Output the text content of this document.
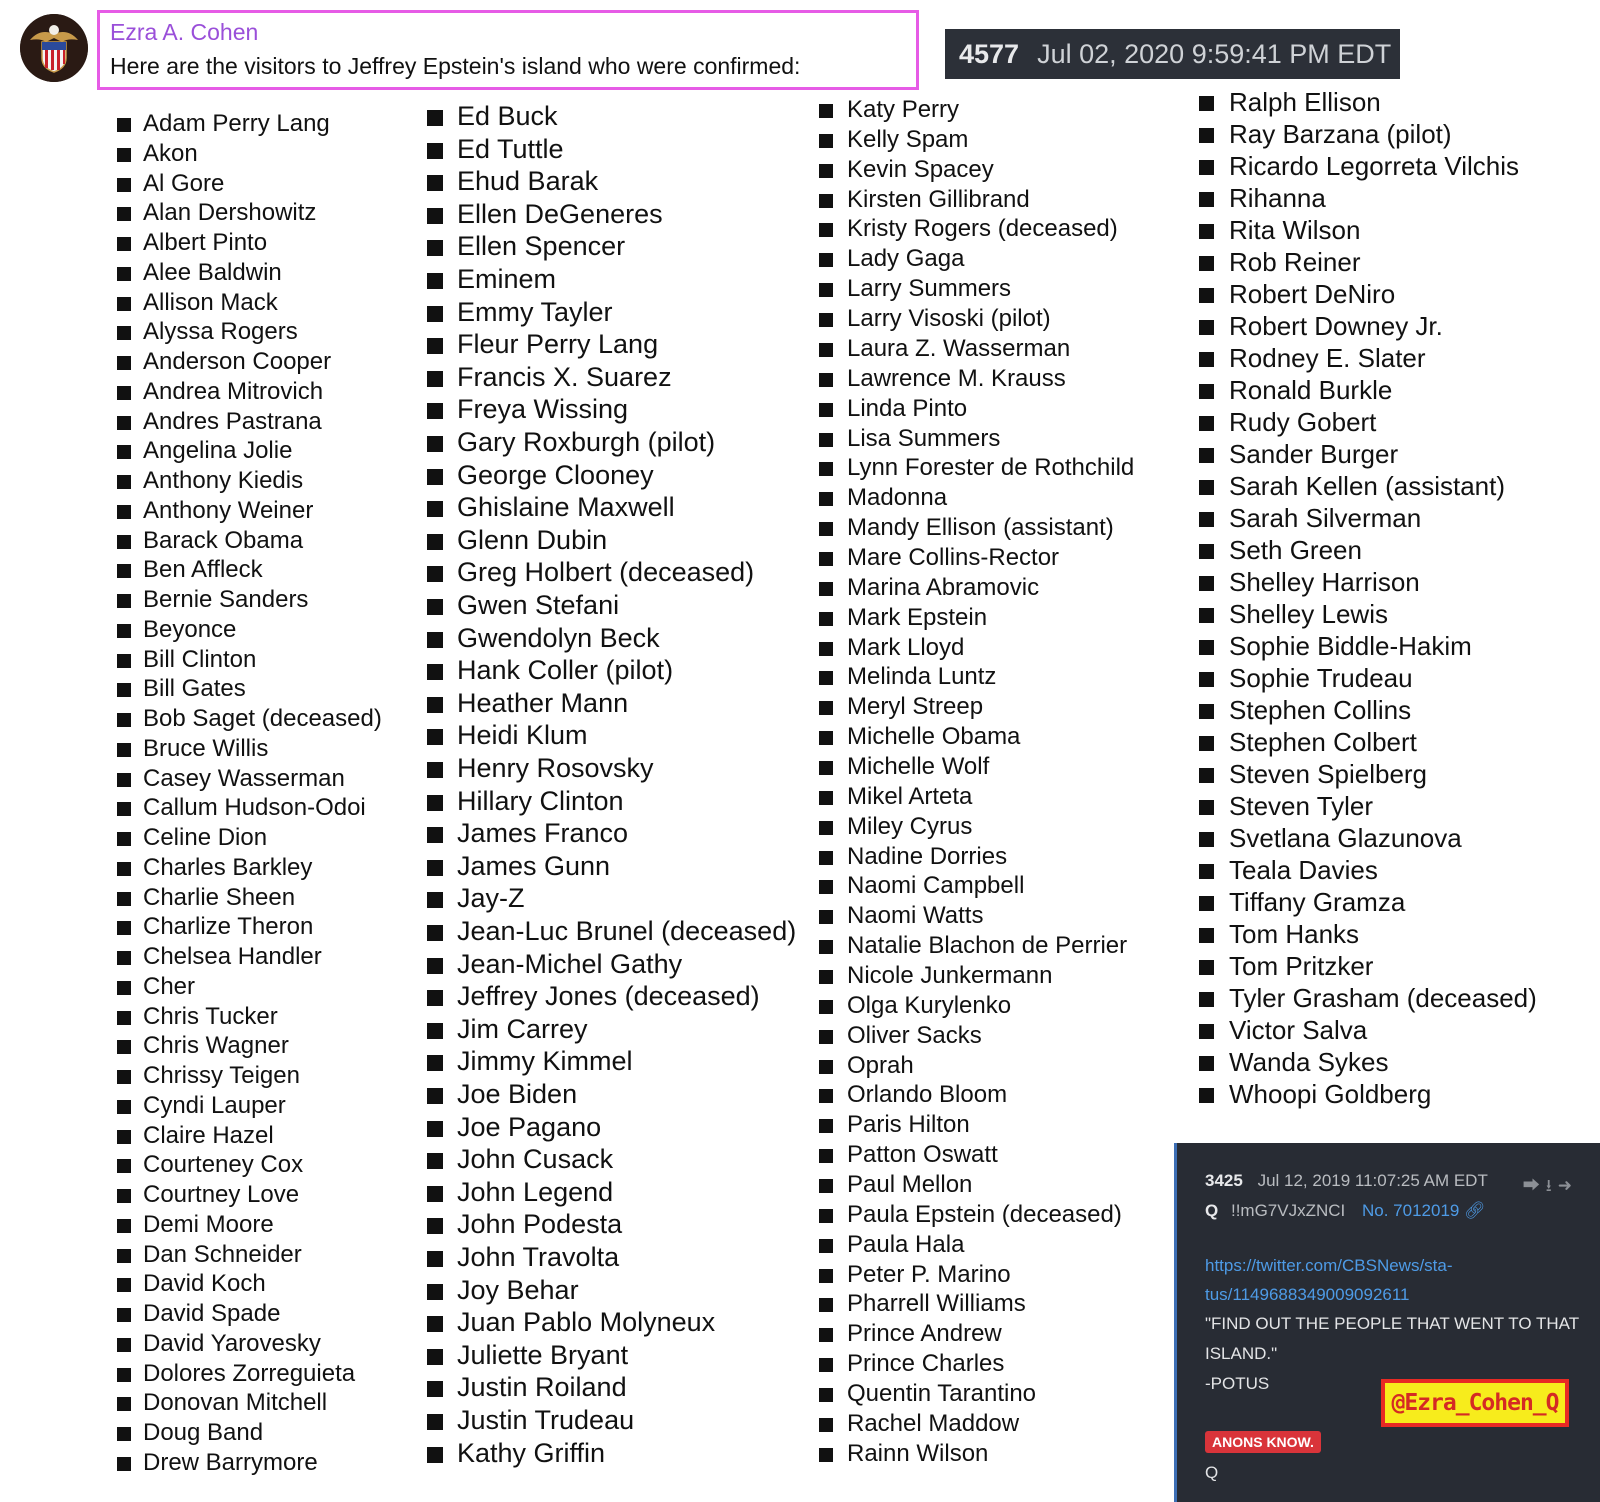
Ezra A. Cohen
Here are the visitors to Jeffrey Epstein's island who were confirmed:	4577 Jul 02, 2020 9:59:41 PM EDT
Adam Perry Lang
Akon
Al Gore
Alan Dershowitz
Albert Pinto
Alee Baldwin
Allison Mack
Alyssa Rogers
Anderson Cooper
Andrea Mitrovich
Andres Pastrana
Angelina Jolie
Anthony Kiedis
Anthony Weiner
Barack Obama
Ben Affleck
Bernie Sanders
Beyonce
Bill Clinton
Bill Gates
Bob Saget (deceased)
Bruce Willis
Casey Wasserman
Callum Hudson-Odoi
Celine Dion
Charles Barkley
Charlie Sheen
Charlize Theron
Chelsea Handler
Cher
Chris Tucker
Chris Wagner
Chrissy Teigen
Cyndi Lauper
Claire Hazel
Courteney Cox
Courtney Love
Demi Moore
Dan Schneider
David Koch
David Spade
David Yarovesky
Dolores Zorreguieta
Donovan Mitchell
Doug Band
Drew Barrymore
Ed Buck
Ed Tuttle
Ehud Barak
Ellen DeGeneres
Ellen Spencer
Eminem
Emmy Tayler
Fleur Perry Lang
Francis X. Suarez
Freya Wissing
Gary Roxburgh (pilot)
George Clooney
Ghislaine Maxwell
Glenn Dubin
Greg Holbert (deceased)
Gwen Stefani
Gwendolyn Beck
Hank Coller (pilot)
Heather Mann
Heidi Klum
Henry Rosovsky
Hillary Clinton
James Franco
James Gunn
Jay-Z
Jean-Luc Brunel (deceased)
Jean-Michel Gathy
Jeffrey Jones (deceased)
Jim Carrey
Jimmy Kimmel
Joe Biden
Joe Pagano
John Cusack
John Legend
John Podesta
John Travolta
Joy Behar
Juan Pablo Molyneux
Juliette Bryant
Justin Roiland
Justin Trudeau
Kathy Griffin
Katy Perry
Kelly Spam
Kevin Spacey
Kirsten Gillibrand
Kristy Rogers (deceased)
Lady Gaga
Larry Summers
Larry Visoski (pilot)
Laura Z. Wasserman
Lawrence M. Krauss
Linda Pinto
Lisa Summers
Lynn Forester de Rothchild
Madonna
Mandy Ellison (assistant)
Mare Collins-Rector
Marina Abramovic
Mark Epstein
Mark Lloyd
Melinda Luntz
Meryl Streep
Michelle Obama
Michelle Wolf
Mikel Arteta
Miley Cyrus
Nadine Dorries
Naomi Campbell
Naomi Watts
Natalie Blachon de Perrier
Nicole Junkermann
Olga Kurylenko
Oliver Sacks
Oprah
Orlando Bloom
Paris Hilton
Patton Oswatt
Paul Mellon
Paula Epstein (deceased)
Paula Hala
Peter P. Marino
Pharrell Williams
Prince Andrew
Prince Charles
Quentin Tarantino
Rachel Maddow
Rainn Wilson
Ralph Ellison
Ray Barzana (pilot)
Ricardo Legorreta Vilchis
Rihanna
Rita Wilson
Rob Reiner
Robert DeNiro
Robert Downey Jr.
Rodney E. Slater
Ronald Burkle
Rudy Gobert
Sander Burger
Sarah Kellen (assistant)
Sarah Silverman
Seth Green
Shelley Harrison
Shelley Lewis
Sophie Biddle-Hakim
Sophie Trudeau
Stephen Collins
Stephen Colbert
Steven Spielberg
Steven Tyler
Svetlana Glazunova
Teala Davies
Tiffany Gramza
Tom Hanks
Tom Pritzker
Tyler Grasham (deceased)
Victor Salva
Wanda Sykes
Whoopi Goldberg
3425 Jul 12, 2019 11:07:25 AM EDT ⮕⭳➜
Q !!mG7VJxZNCI No. 7012019 🔗︎
https://twitter.com/CBSNews/sta-
tus/1149688349009092611
"FIND OUT THE PEOPLE THAT WENT TO THAT
ISLAND."
-POTUS
ANONS KNOW.
Q
@Ezra_Cohen_Q
